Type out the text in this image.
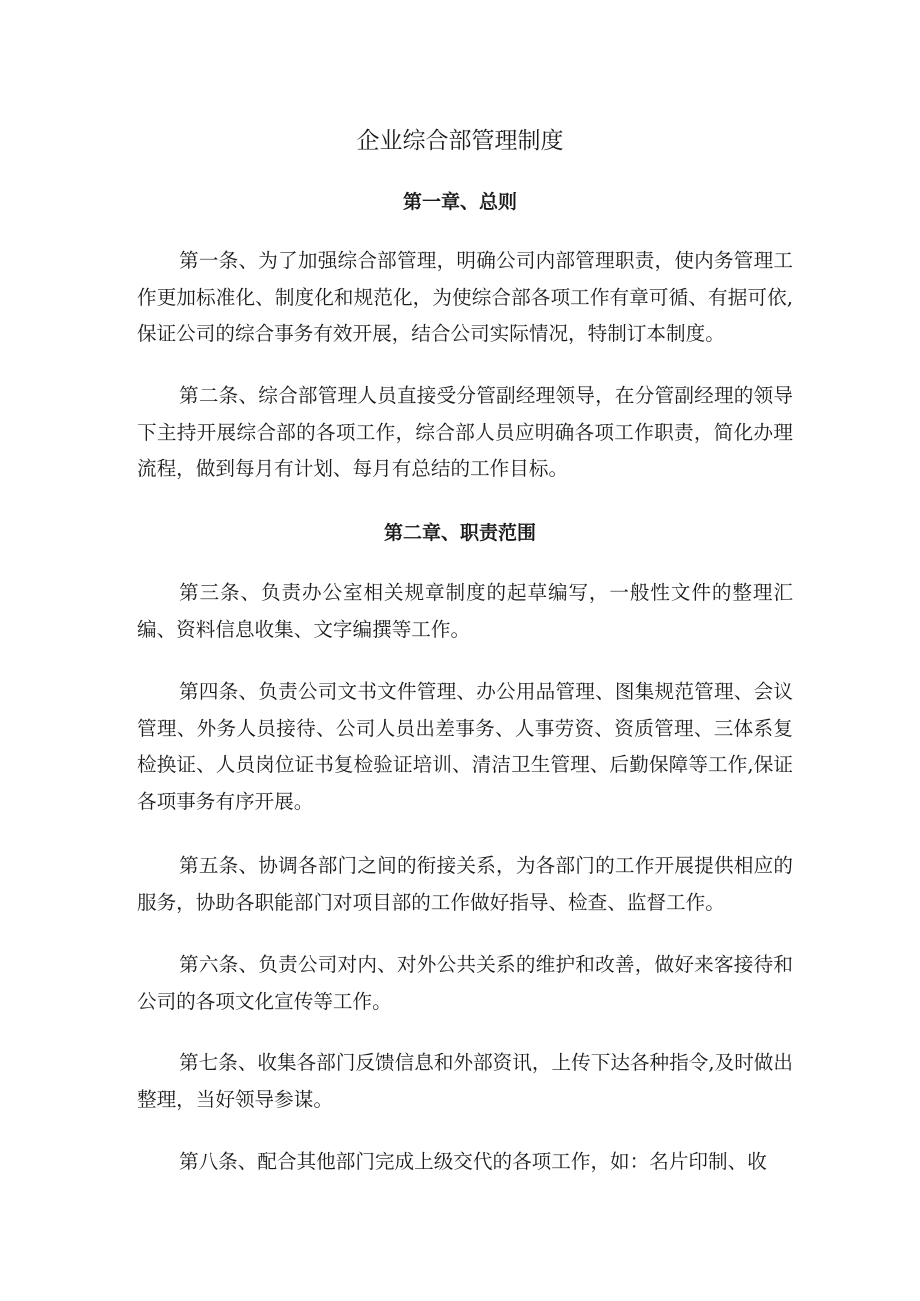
企业综合部管理制度
第一章、总则

第一条、为了加强综合部管理，明确公司内部管理职责，使内务管理工作更加标准化、制度化和规范化，为使综合部各项工作有章可循、有据可依,保证公司的综合事务有效开展，结合公司实际情况，特制订本制度。

第二条、综合部管理人员直接受分管副经理领导，在分管副经理的领导下主持开展综合部的各项工作，综合部人员应明确各项工作职责，简化办理流程，做到每月有计划、每月有总结的工作目标。

第二章、职责范围

第三条、负责办公室相关规章制度的起草编写，一般性文件的整理汇编、资料信息收集、文字编撰等工作。

第四条、负责公司文书文件管理、办公用品管理、图集规范管理、会议管理、外务人员接待、公司人员出差事务、人事劳资、资质管理、三体系复检换证、人员岗位证书复检验证培训、清洁卫生管理、后勤保障等工作,保证各项事务有序开展。

第五条、协调各部门之间的衔接关系，为各部门的工作开展提供相应的服务，协助各职能部门对项目部的工作做好指导、检查、监督工作。

第六条、负责公司对内、对外公共关系的维护和改善，做好来客接待和公司的各项文化宣传等工作。

第七条、收集各部门反馈信息和外部资讯，上传下达各种指令,及时做出整理，当好领导参谋。

第八条、配合其他部门完成上级交代的各项工作，如：名片印制、收
